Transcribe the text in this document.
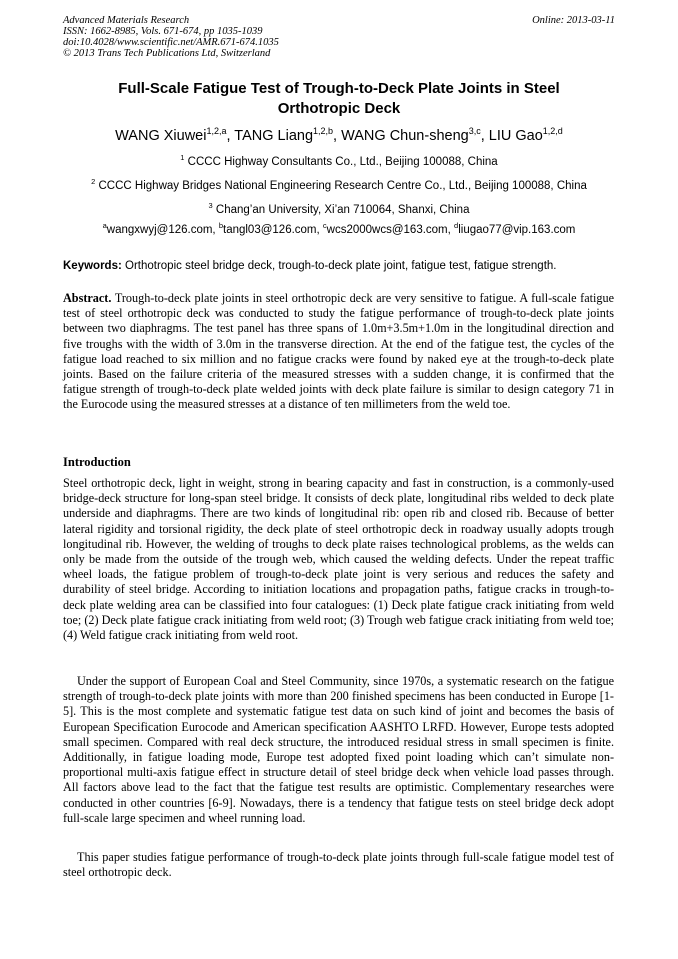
Advanced Materials Research
ISSN: 1662-8985, Vols. 671-674, pp 1035-1039
doi:10.4028/www.scientific.net/AMR.671-674.1035
© 2013 Trans Tech Publications Ltd, Switzerland
Online: 2013-03-11
Full-Scale Fatigue Test of Trough-to-Deck Plate Joints in Steel
Orthotropic Deck
WANG Xiuwei$^{1,2,a}$, TANG Liang$^{1,2,b}$, WANG Chun-sheng$^{3,c}$, LIU Gao$^{1,2,d}$
$^1$ CCCC Highway Consultants Co., Ltd., Beijing 100088, China
$^2$ CCCC Highway Bridges National Engineering Research Centre Co., Ltd., Beijing 100088, China
$^3$ Chang’an University, Xi’an 710064, Shanxi, China
$^a$wangxwyj@126.com, $^b$tangl03@126.com, $^c$wcs2000wcs@163.com, $^d$liugao77@vip.163.com
Keywords: Orthotropic steel bridge deck, trough-to-deck plate joint, fatigue test, fatigue strength.
Abstract. Trough-to-deck plate joints in steel orthotropic deck are very sensitive to fatigue. A full-scale fatigue test of steel orthotropic deck was conducted to study the fatigue performance of trough-to-deck plate joints between two diaphragms. The test panel has three spans of 1.0m+3.5m+1.0m in the longitudinal direction and five troughs with the width of 3.0m in the transverse direction. At the end of the fatigue test, the cycles of the fatigue load reached to six million and no fatigue cracks were found by naked eye at the trough-to-deck plate joints. Based on the failure criteria of the measured stresses with a sudden change, it is confirmed that the fatigue strength of trough-to-deck plate welded joints with deck plate failure is similar to design category 71 in the Eurocode using the measured stresses at a distance of ten millimeters from the weld toe.
Introduction
Steel orthotropic deck, light in weight, strong in bearing capacity and fast in construction, is a commonly-used bridge-deck structure for long-span steel bridge. It consists of deck plate, longitudinal ribs welded to deck plate underside and diaphragms. There are two kinds of longitudinal rib: open rib and closed rib. Because of better lateral rigidity and torsional rigidity, the deck plate of steel orthotropic deck in roadway usually adopts trough longitudinal rib. However, the welding of troughs to deck plate raises technological problems, as the welds can only be made from the outside of the trough web, which caused the welding defects. Under the repeat traffic wheel loads, the fatigue problem of trough-to-deck plate joint is very serious and reduces the safety and durability of steel bridge. According to initiation locations and propagation paths, fatigue cracks in trough-to-deck plate welding area can be classified into four catalogues: (1) Deck plate fatigue crack initiating from weld toe; (2) Deck plate fatigue crack initiating from weld root; (3) Trough web fatigue crack initiating from weld toe; (4) Weld fatigue crack initiating from weld root.
Under the support of European Coal and Steel Community, since 1970s, a systematic research on the fatigue strength of trough-to-deck plate joints with more than 200 finished specimens has been conducted in Europe [1-5]. This is the most complete and systematic fatigue test data on such kind of joint and becomes the basis of European Specification Eurocode and American specification AASHTO LRFD. However, Europe tests adopted small specimen. Compared with real deck structure, the introduced residual stress in small specimen is finite. Additionally, in fatigue loading mode, Europe test adopted fixed point loading which can’t simulate non-proportional multi-axis fatigue effect in structure detail of steel bridge deck when vehicle load passes through. All factors above lead to the fact that the fatigue test results are optimistic. Complementary researches were conducted in other countries [6-9]. Nowadays, there is a tendency that fatigue tests on steel bridge deck adopt full-scale large specimen and wheel running load.
This paper studies fatigue performance of trough-to-deck plate joints through full-scale fatigue model test of steel orthotropic deck.
